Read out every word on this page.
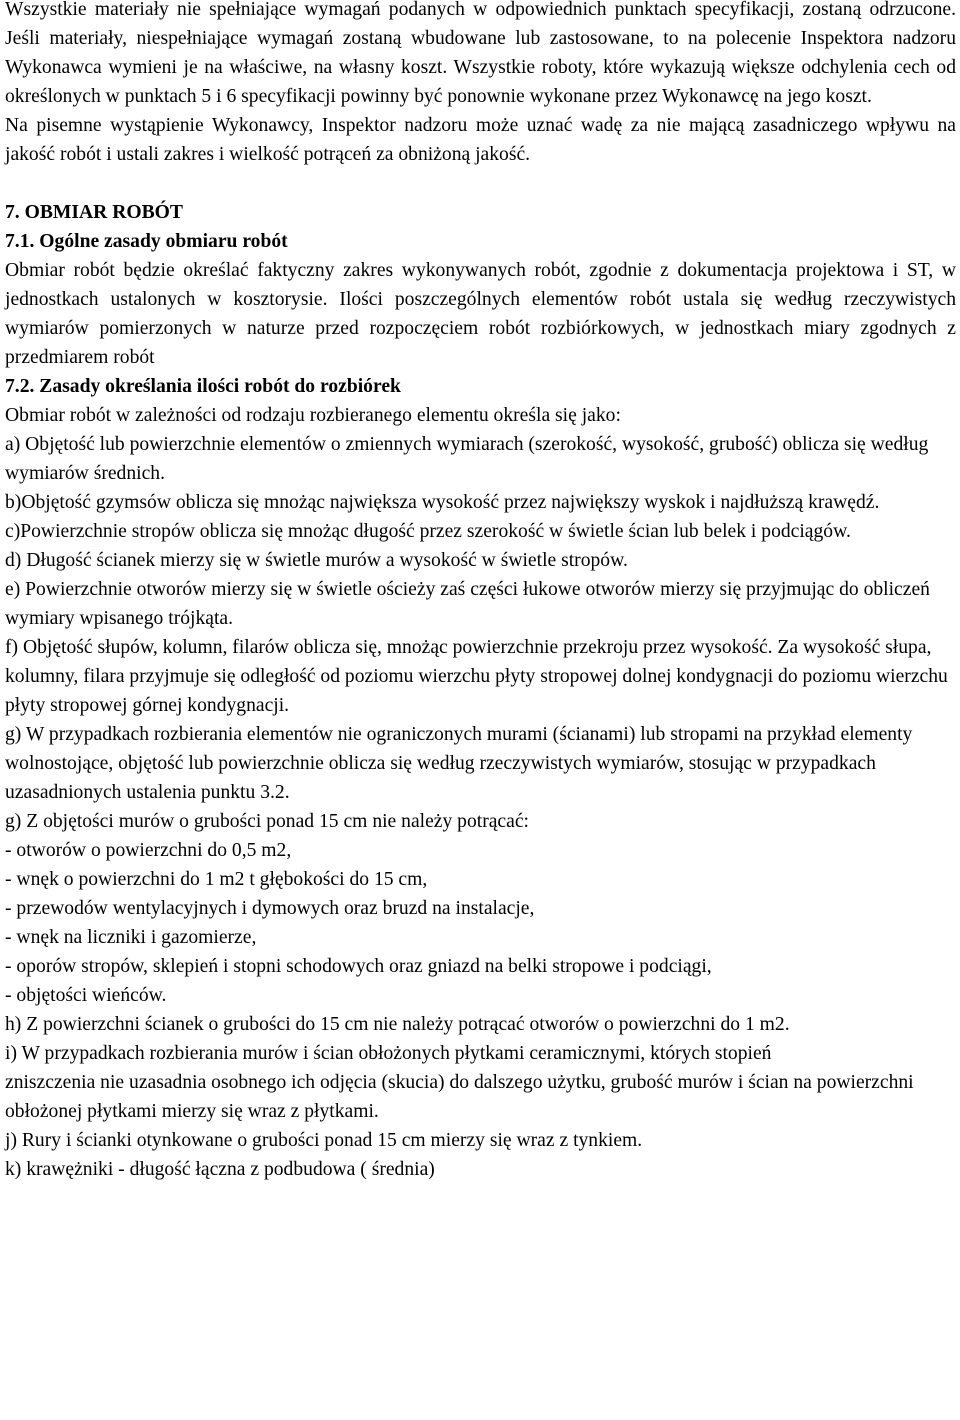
Wszystkie materiały nie spełniające wymagań podanych w odpowiednich punktach specyfikacji, zostaną odrzucone. Jeśli materiały, niespełniające wymagań zostaną wbudowane lub zastosowane, to na polecenie Inspektora nadzoru Wykonawca wymieni je na właściwe, na własny koszt. Wszystkie roboty, które wykazują większe odchylenia cech od określonych w punktach 5 i 6 specyfikacji powinny być ponownie wykonane przez Wykonawcę na jego koszt.

Na pisemne wystąpienie Wykonawcy, Inspektor nadzoru może uznać wadę za nie mającą zasadniczego wpływu na jakość robót i ustali zakres i wielkość potrąceń za obniżoną jakość.

7. OBMIAR ROBÓT

7.1. Ogólne zasady obmiaru robót

Obmiar robót będzie określać faktyczny zakres wykonywanych robót, zgodnie z dokumentacja projektowa i ST, w jednostkach ustalonych w kosztorysie. Ilości poszczególnych elementów robót ustala się według rzeczywistych wymiarów pomierzonych w naturze przed rozpoczęciem robót rozbiórkowych, w jednostkach miary zgodnych z przedmiarem robót

7.2. Zasady określania ilości robót do rozbiórek

Obmiar robót w zależności od rodzaju rozbieranego elementu określa się jako:

a) Objętość lub powierzchnie elementów o zmiennych wymiarach (szerokość, wysokość, grubość) oblicza się według wymiarów średnich.

b)Objętość gzymsów oblicza się mnożąc największa wysokość przez największy wyskok i najdłuższą krawędź.

c)Powierzchnie stropów oblicza się mnożąc długość przez szerokość w świetle ścian lub belek i podciągów.

d) Długość ścianek mierzy się w świetle murów a wysokość w świetle stropów.

e) Powierzchnie otworów mierzy się w świetle ościeży zaś części łukowe otworów mierzy się przyjmując do obliczeń wymiary wpisanego trójkąta.

f) Objętość słupów, kolumn, filarów oblicza się, mnożąc powierzchnie przekroju przez wysokość. Za wysokość słupa, kolumny, filara przyjmuje się odległość od poziomu wierzchu płyty stropowej dolnej kondygnacji do poziomu wierzchu płyty stropowej górnej kondygnacji.

g) W przypadkach rozbierania elementów nie ograniczonych murami (ścianami) lub stropami na przykład elementy wolnostojące, objętość lub powierzchnie oblicza się według rzeczywistych wymiarów, stosując w przypadkach uzasadnionych ustalenia punktu 3.2.

g) Z objętości murów o grubości ponad 15 cm nie należy potrącać:

- otworów o powierzchni do 0,5 m2,

- wnęk o powierzchni do 1 m2 t głębokości do 15 cm,

- przewodów wentylacyjnych i dymowych oraz bruzd na instalacje,

- wnęk na liczniki i gazomierze,

- oporów stropów, sklepień i stopni schodowych oraz gniazd na belki stropowe i podciągi,

- objętości wieńców.

h) Z powierzchni ścianek o grubości do 15 cm nie należy potrącać otworów o powierzchni do 1 m2.

i) W przypadkach rozbierania murów i ścian obłożonych płytkami ceramicznymi, których stopień

zniszczenia nie uzasadnia osobnego ich odjęcia (skucia) do dalszego użytku, grubość murów i ścian na powierzchni obłożonej płytkami mierzy się wraz z płytkami.

j) Rury i ścianki otynkowane o grubości ponad 15 cm mierzy się wraz z tynkiem.

k) krawężniki - długość łączna z podbudowa ( średnia)
